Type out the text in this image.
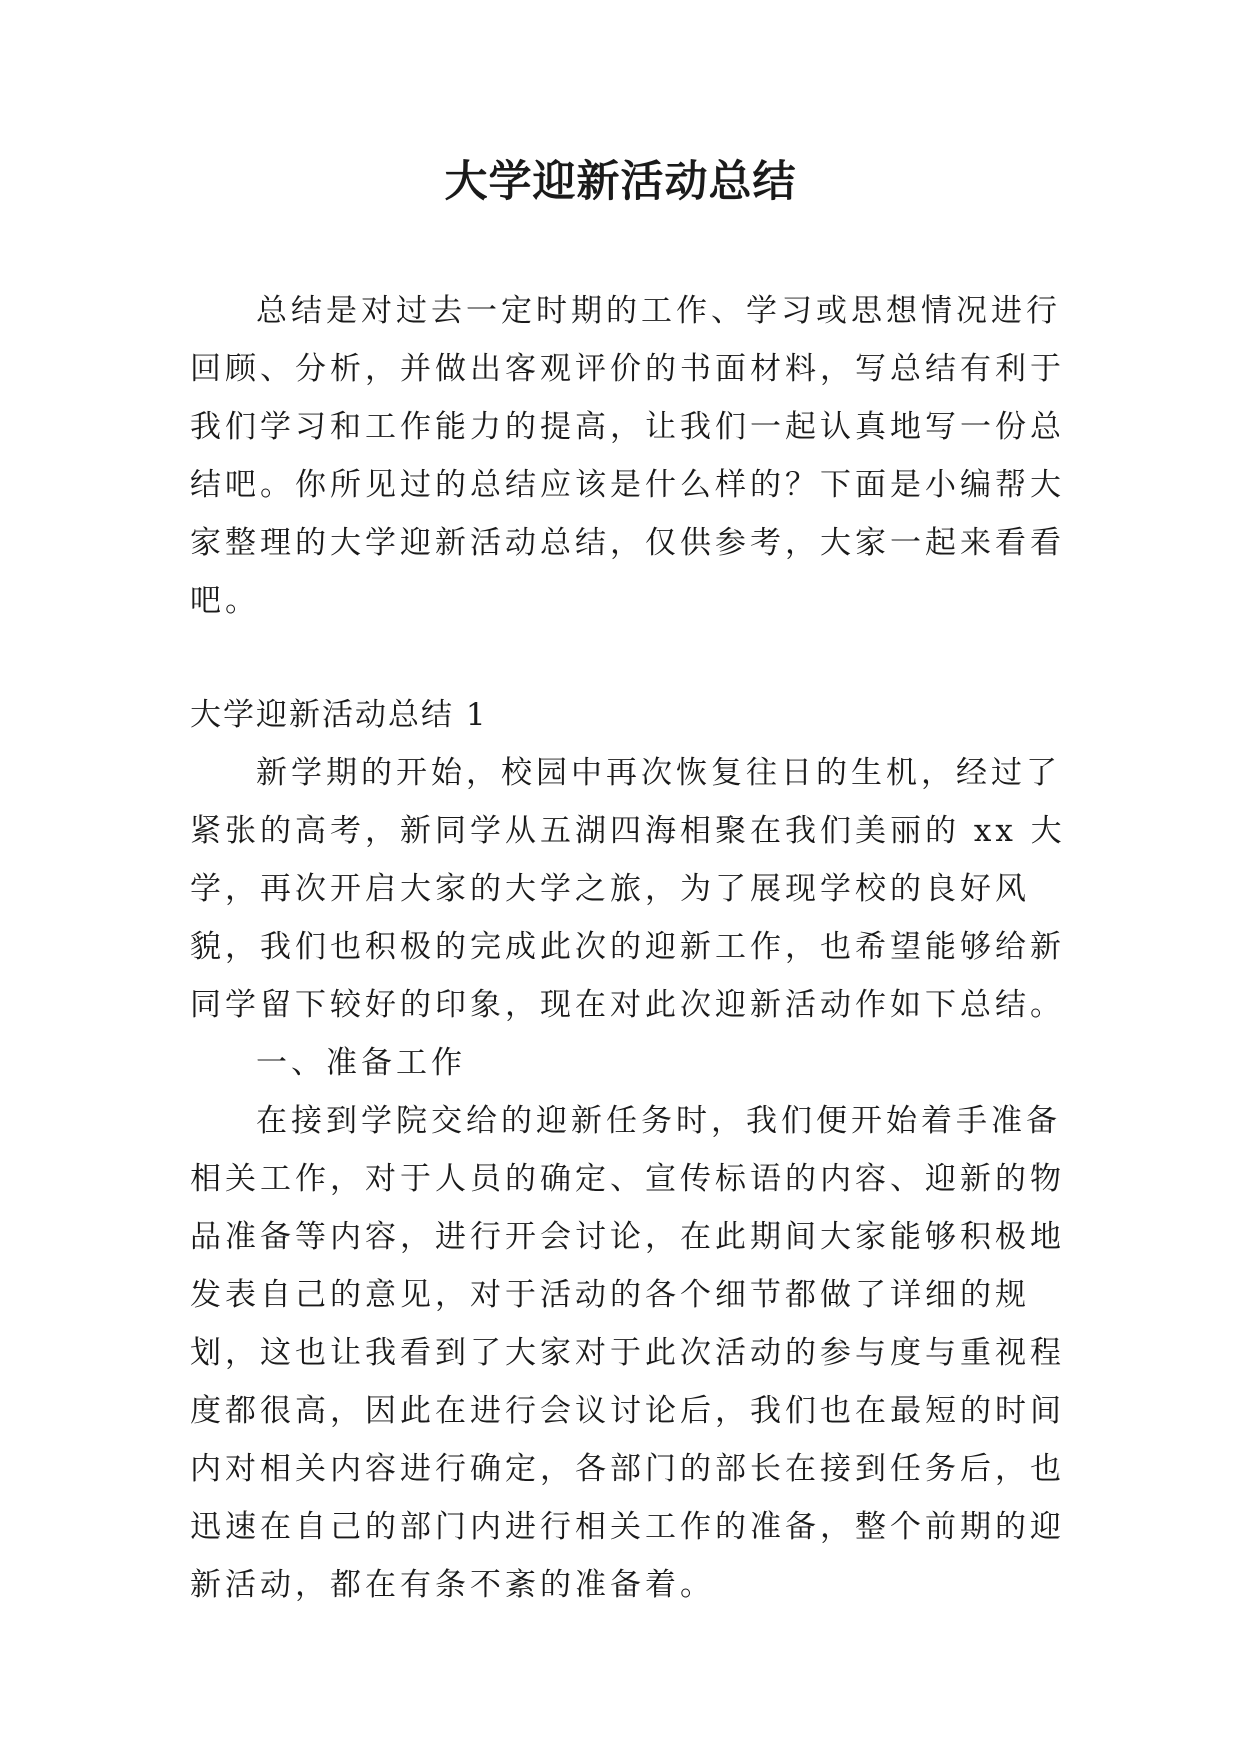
大学迎新活动总结

总结是对过去一定时期的工作、学习或思想情况进行回顾、分析，并做出客观评价的书面材料，写总结有利于我们学习和工作能力的提高，让我们一起认真地写一份总结吧。你所见过的总结应该是什么样的？下面是小编帮大家整理的大学迎新活动总结，仅供参考，大家一起来看看吧。

大学迎新活动总结 1

新学期的开始，校园中再次恢复往日的生机，经过了紧张的高考，新同学从五湖四海相聚在我们美丽的 xx 大学，再次开启大家的大学之旅，为了展现学校的良好风貌，我们也积极的完成此次的迎新工作，也希望能够给新同学留下较好的印象，现在对此次迎新活动作如下总结。

一、准备工作

在接到学院交给的迎新任务时，我们便开始着手准备相关工作，对于人员的确定、宣传标语的内容、迎新的物品准备等内容，进行开会讨论，在此期间大家能够积极地发表自己的意见，对于活动的各个细节都做了详细的规划，这也让我看到了大家对于此次活动的参与度与重视程度都很高，因此在进行会议讨论后，我们也在最短的时间内对相关内容进行确定，各部门的部长在接到任务后，也迅速在自己的部门内进行相关工作的准备，整个前期的迎新活动，都在有条不紊的准备着。
